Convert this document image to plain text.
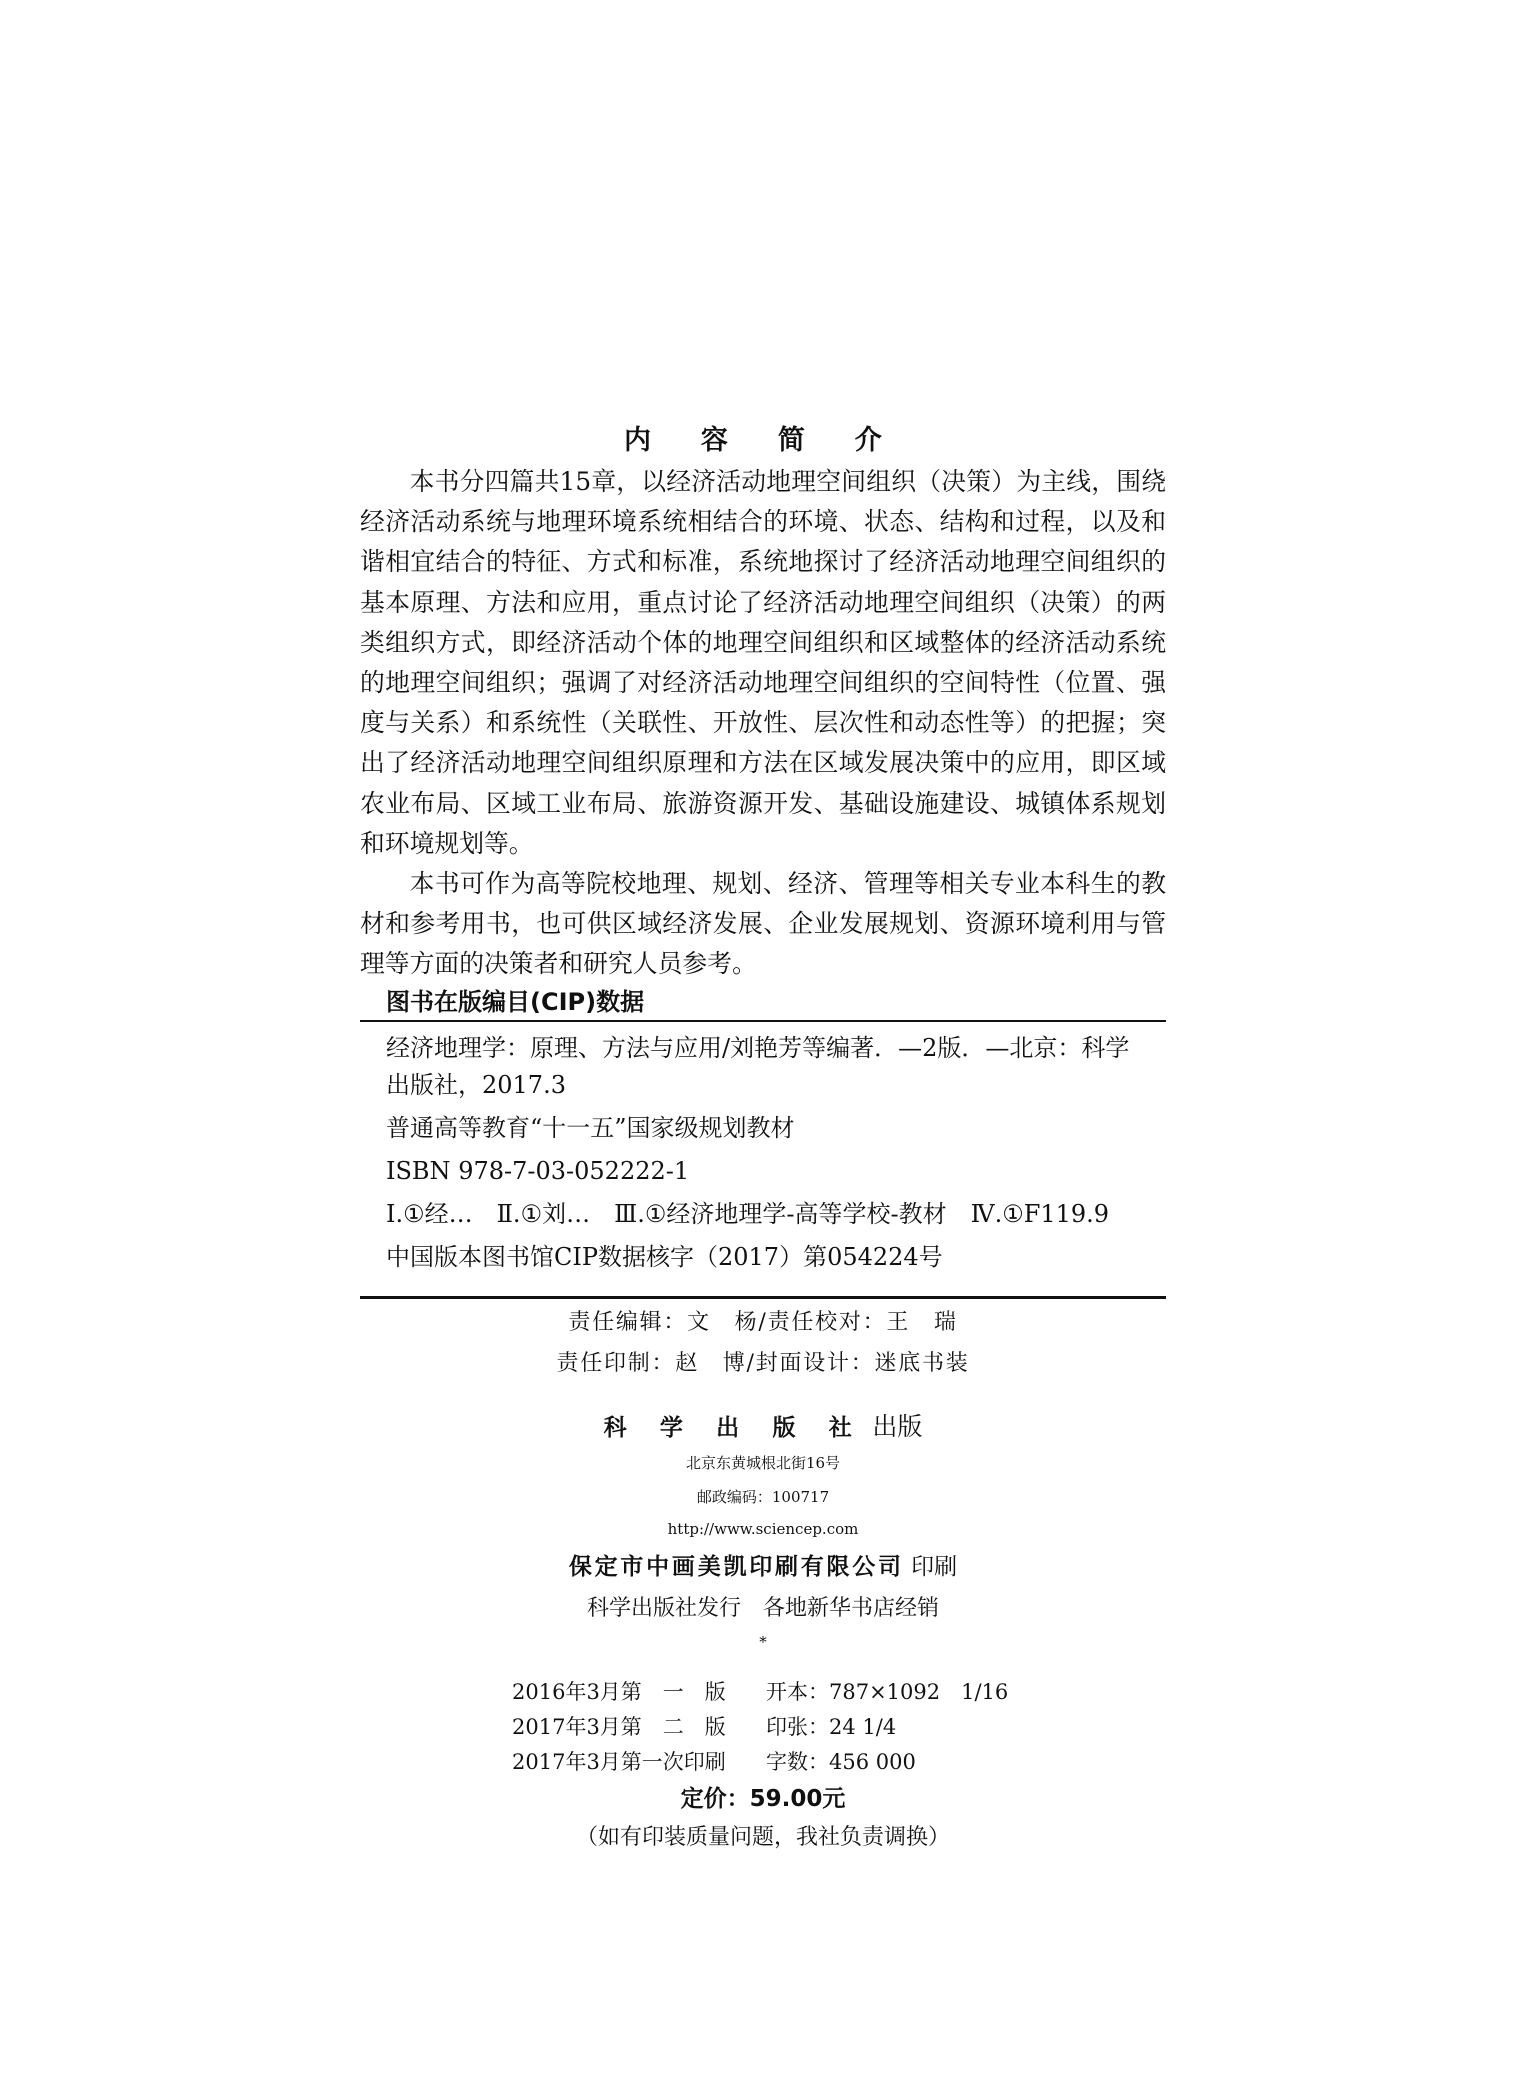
内 容 简 介

本书分四篇共15章，以经济活动地理空间组织（决策）为主线，围绕经济活动系统与地理环境系统相结合的环境、状态、结构和过程，以及和谐相宜结合的特征、方式和标准，系统地探讨了经济活动地理空间组织的基本原理、方法和应用，重点讨论了经济活动地理空间组织（决策）的两类组织方式，即经济活动个体的地理空间组织和区域整体的经济活动系统的地理空间组织；强调了对经济活动地理空间组织的空间特性（位置、强度与关系）和系统性（关联性、开放性、层次性和动态性等）的把握；突出了经济活动地理空间组织原理和方法在区域发展决策中的应用，即区域农业布局、区域工业布局、旅游资源开发、基础设施建设、城镇体系规划和环境规划等。

本书可作为高等院校地理、规划、经济、管理等相关专业本科生的教材和参考用书，也可供区域经济发展、企业发展规划、资源环境利用与管理等方面的决策者和研究人员参考。

图书在版编目(CIP)数据
经济地理学：原理、方法与应用/刘艳芳等编著．—2版．—北京：科学
出版社，2017.3
普通高等教育“十一五”国家级规划教材
ISBN 978-7-03-052222-1
Ⅰ.①经…　Ⅱ.①刘…　Ⅲ.①经济地理学-高等学校-教材　Ⅳ.①F119.9
中国版本图书馆CIP数据核字（2017）第054224号
责任编辑：文　杨/责任校对：王　瑞
责任印制：赵　博/封面设计：迷底书装
科 学 出 版 社 出版
北京东黄城根北街16号
邮政编码：100717
http://www.sciencep.com
保定市中画美凯印刷有限公司 印刷
科学出版社发行　各地新华书店经销
*
2016年3月第　一　版	开本：787×1092　1/16
2017年3月第　二　版	印张：24 1/4
2017年3月第一次印刷	字数：456 000
定价：59.00元
（如有印装质量问题，我社负责调换）
